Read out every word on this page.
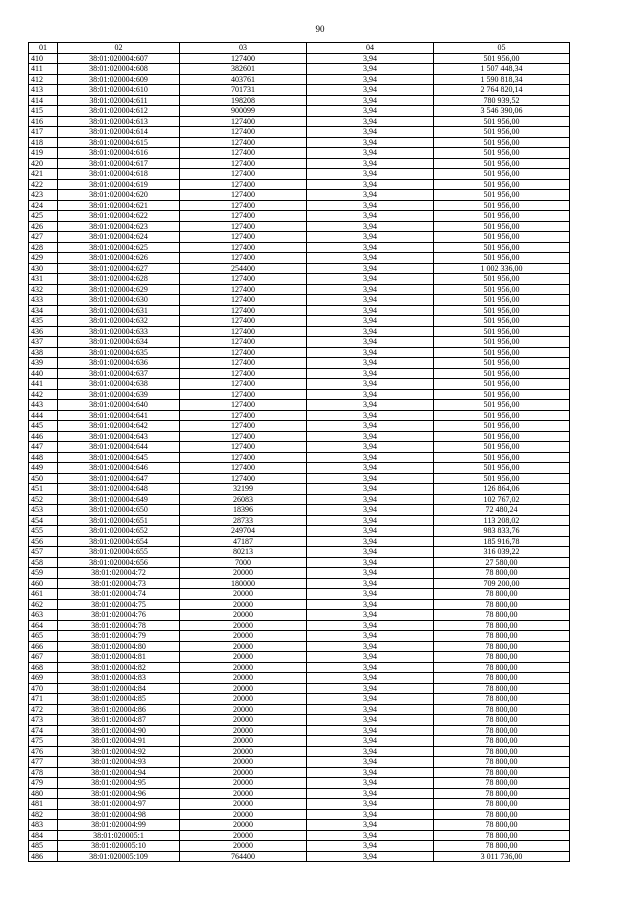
90
01	02	03	04	05
410	38:01:020004:607	127400	3,94	501 956,00
411	38:01:020004:608	382601	3,94	1 507 448,34
412	38:01:020004:609	403761	3,94	1 590 818,34
413	38:01:020004:610	701731	3,94	2 764 820,14
414	38:01:020004:611	198208	3,94	780 939,52
415	38:01:020004:612	900099	3,94	3 546 390,06
416	38:01:020004:613	127400	3,94	501 956,00
417	38:01:020004:614	127400	3,94	501 956,00
418	38:01:020004:615	127400	3,94	501 956,00
419	38:01:020004:616	127400	3,94	501 956,00
420	38:01:020004:617	127400	3,94	501 956,00
421	38:01:020004:618	127400	3,94	501 956,00
422	38:01:020004:619	127400	3,94	501 956,00
423	38:01:020004:620	127400	3,94	501 956,00
424	38:01:020004:621	127400	3,94	501 956,00
425	38:01:020004:622	127400	3,94	501 956,00
426	38:01:020004:623	127400	3,94	501 956,00
427	38:01:020004:624	127400	3,94	501 956,00
428	38:01:020004:625	127400	3,94	501 956,00
429	38:01:020004:626	127400	3,94	501 956,00
430	38:01:020004:627	254400	3,94	1 002 336,00
431	38:01:020004:628	127400	3,94	501 956,00
432	38:01:020004:629	127400	3,94	501 956,00
433	38:01:020004:630	127400	3,94	501 956,00
434	38:01:020004:631	127400	3,94	501 956,00
435	38:01:020004:632	127400	3,94	501 956,00
436	38:01:020004:633	127400	3,94	501 956,00
437	38:01:020004:634	127400	3,94	501 956,00
438	38:01:020004:635	127400	3,94	501 956,00
439	38:01:020004:636	127400	3,94	501 956,00
440	38:01:020004:637	127400	3,94	501 956,00
441	38:01:020004:638	127400	3,94	501 956,00
442	38:01:020004:639	127400	3,94	501 956,00
443	38:01:020004:640	127400	3,94	501 956,00
444	38:01:020004:641	127400	3,94	501 956,00
445	38:01:020004:642	127400	3,94	501 956,00
446	38:01:020004:643	127400	3,94	501 956,00
447	38:01:020004:644	127400	3,94	501 956,00
448	38:01:020004:645	127400	3,94	501 956,00
449	38:01:020004:646	127400	3,94	501 956,00
450	38:01:020004:647	127400	3,94	501 956,00
451	38:01:020004:648	32199	3,94	126 864,06
452	38:01:020004:649	26083	3,94	102 767,02
453	38:01:020004:650	18396	3,94	72 480,24
454	38:01:020004:651	28733	3,94	113 208,02
455	38:01:020004:652	249704	3,94	983 833,76
456	38:01:020004:654	47187	3,94	185 916,78
457	38:01:020004:655	80213	3,94	316 039,22
458	38:01:020004:656	7000	3,94	27 580,00
459	38:01:020004:72	20000	3,94	78 800,00
460	38:01:020004:73	180000	3,94	709 200,00
461	38:01:020004:74	20000	3,94	78 800,00
462	38:01:020004:75	20000	3,94	78 800,00
463	38:01:020004:76	20000	3,94	78 800,00
464	38:01:020004:78	20000	3,94	78 800,00
465	38:01:020004:79	20000	3,94	78 800,00
466	38:01:020004:80	20000	3,94	78 800,00
467	38:01:020004:81	20000	3,94	78 800,00
468	38:01:020004:82	20000	3,94	78 800,00
469	38:01:020004:83	20000	3,94	78 800,00
470	38:01:020004:84	20000	3,94	78 800,00
471	38:01:020004:85	20000	3,94	78 800,00
472	38:01:020004:86	20000	3,94	78 800,00
473	38:01:020004:87	20000	3,94	78 800,00
474	38:01:020004:90	20000	3,94	78 800,00
475	38:01:020004:91	20000	3,94	78 800,00
476	38:01:020004:92	20000	3,94	78 800,00
477	38:01:020004:93	20000	3,94	78 800,00
478	38:01:020004:94	20000	3,94	78 800,00
479	38:01:020004:95	20000	3,94	78 800,00
480	38:01:020004:96	20000	3,94	78 800,00
481	38:01:020004:97	20000	3,94	78 800,00
482	38:01:020004:98	20000	3,94	78 800,00
483	38:01:020004:99	20000	3,94	78 800,00
484	38:01:020005:1	20000	3,94	78 800,00
485	38:01:020005:10	20000	3,94	78 800,00
486	38:01:020005:109	764400	3,94	3 011 736,00
